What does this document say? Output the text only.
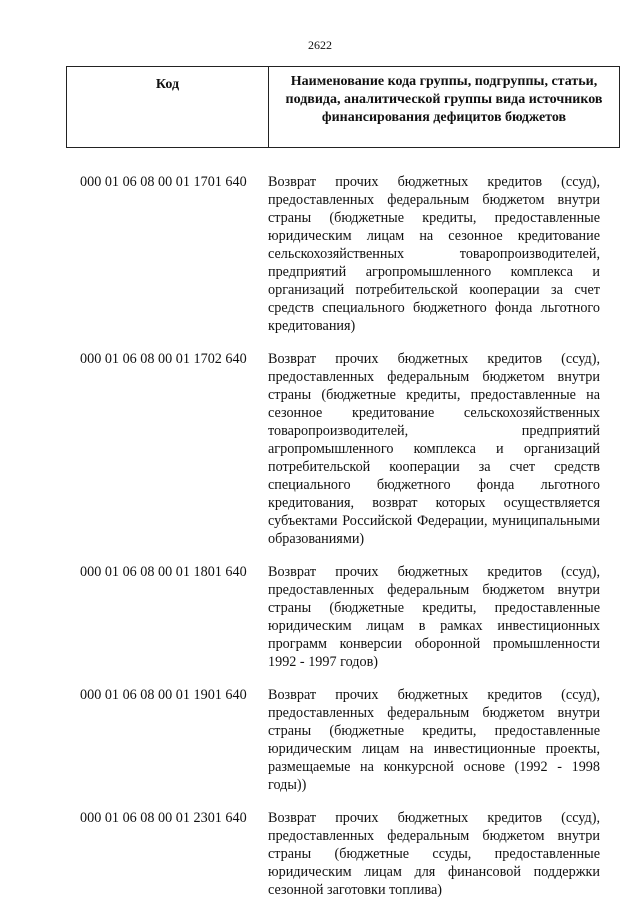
2622
Код	Наименование кода группы, подгруппы, статьи, подвида, аналитической группы вида источников финансирования дефицитов бюджетов
000 01 06 08 00 01 1701 640	Возврат прочих бюджетных кредитов (ссуд), предоставленных федеральным бюджетом внутри страны (бюджетные кредиты, предоставленные юридическим лицам на сезонное кредитование сельскохозяйственных товаропроизводителей, предприятий агропромышленного комплекса и организаций потребительской кооперации за счет средств специального бюджетного фонда льготного кредитования)
000 01 06 08 00 01 1702 640	Возврат прочих бюджетных кредитов (ссуд), предоставленных федеральным бюджетом внутри страны (бюджетные кредиты, предоставленные на сезонное кредитование сельскохозяйственных товаропроизводителей, предприятий агропромышленного комплекса и организаций потребительской кооперации за счет средств специального бюджетного фонда льготного кредитования, возврат которых осуществляется субъектами Российской Федерации, муниципальными образованиями)
000 01 06 08 00 01 1801 640	Возврат прочих бюджетных кредитов (ссуд), предоставленных федеральным бюджетом внутри страны (бюджетные кредиты, предоставленные юридическим лицам в рамках инвестиционных программ конверсии оборонной промышленности 1992 - 1997 годов)
000 01 06 08 00 01 1901 640	Возврат прочих бюджетных кредитов (ссуд), предоставленных федеральным бюджетом внутри страны (бюджетные кредиты, предоставленные юридическим лицам на инвестиционные проекты, размещаемые на конкурсной основе (1992 - 1998 годы))
000 01 06 08 00 01 2301 640	Возврат прочих бюджетных кредитов (ссуд), предоставленных федеральным бюджетом внутри страны (бюджетные ссуды, предоставленные юридическим лицам для финансовой поддержки сезонной заготовки топлива)
